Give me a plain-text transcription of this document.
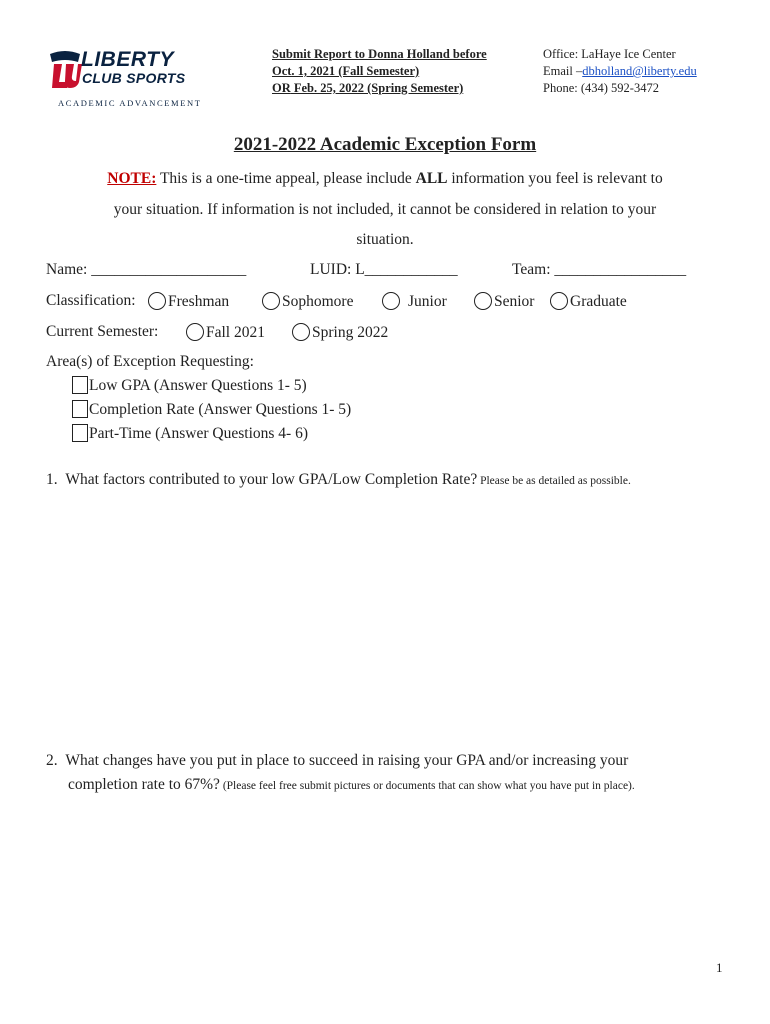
LIBERTY
CLUB SPORTS
ACADEMIC ADVANCEMENT
Submit Report to Donna Holland before
Oct. 1, 2021 (Fall Semester)
OR Feb. 25, 2022 (Spring Semester)
Office: LaHaye Ice Center
Email –dbholland@liberty.edu
Phone: (434) 592-3472
2021-2022 Academic Exception Form
NOTE: This is a one-time appeal, please include ALL information you feel is relevant to
your situation. If information is not included, it cannot be considered in relation to your
situation.
Name: ____________________	LUID: L____________	Team: _________________
Classification:	Freshman	Sophomore	Junior	Senior	Graduate
Current Semester:	Fall 2021	Spring 2022
Area(s) of Exception Requesting:
Low GPA (Answer Questions 1- 5)
Completion Rate (Answer Questions 1- 5)
Part-Time (Answer Questions 4- 6)
1. What factors contributed to your low GPA/Low Completion Rate? Please be as detailed as possible.
2. What changes have you put in place to succeed in raising your GPA and/or increasing your
completion rate to 67%? (Please feel free submit pictures or documents that can show what you have put in place).
1
